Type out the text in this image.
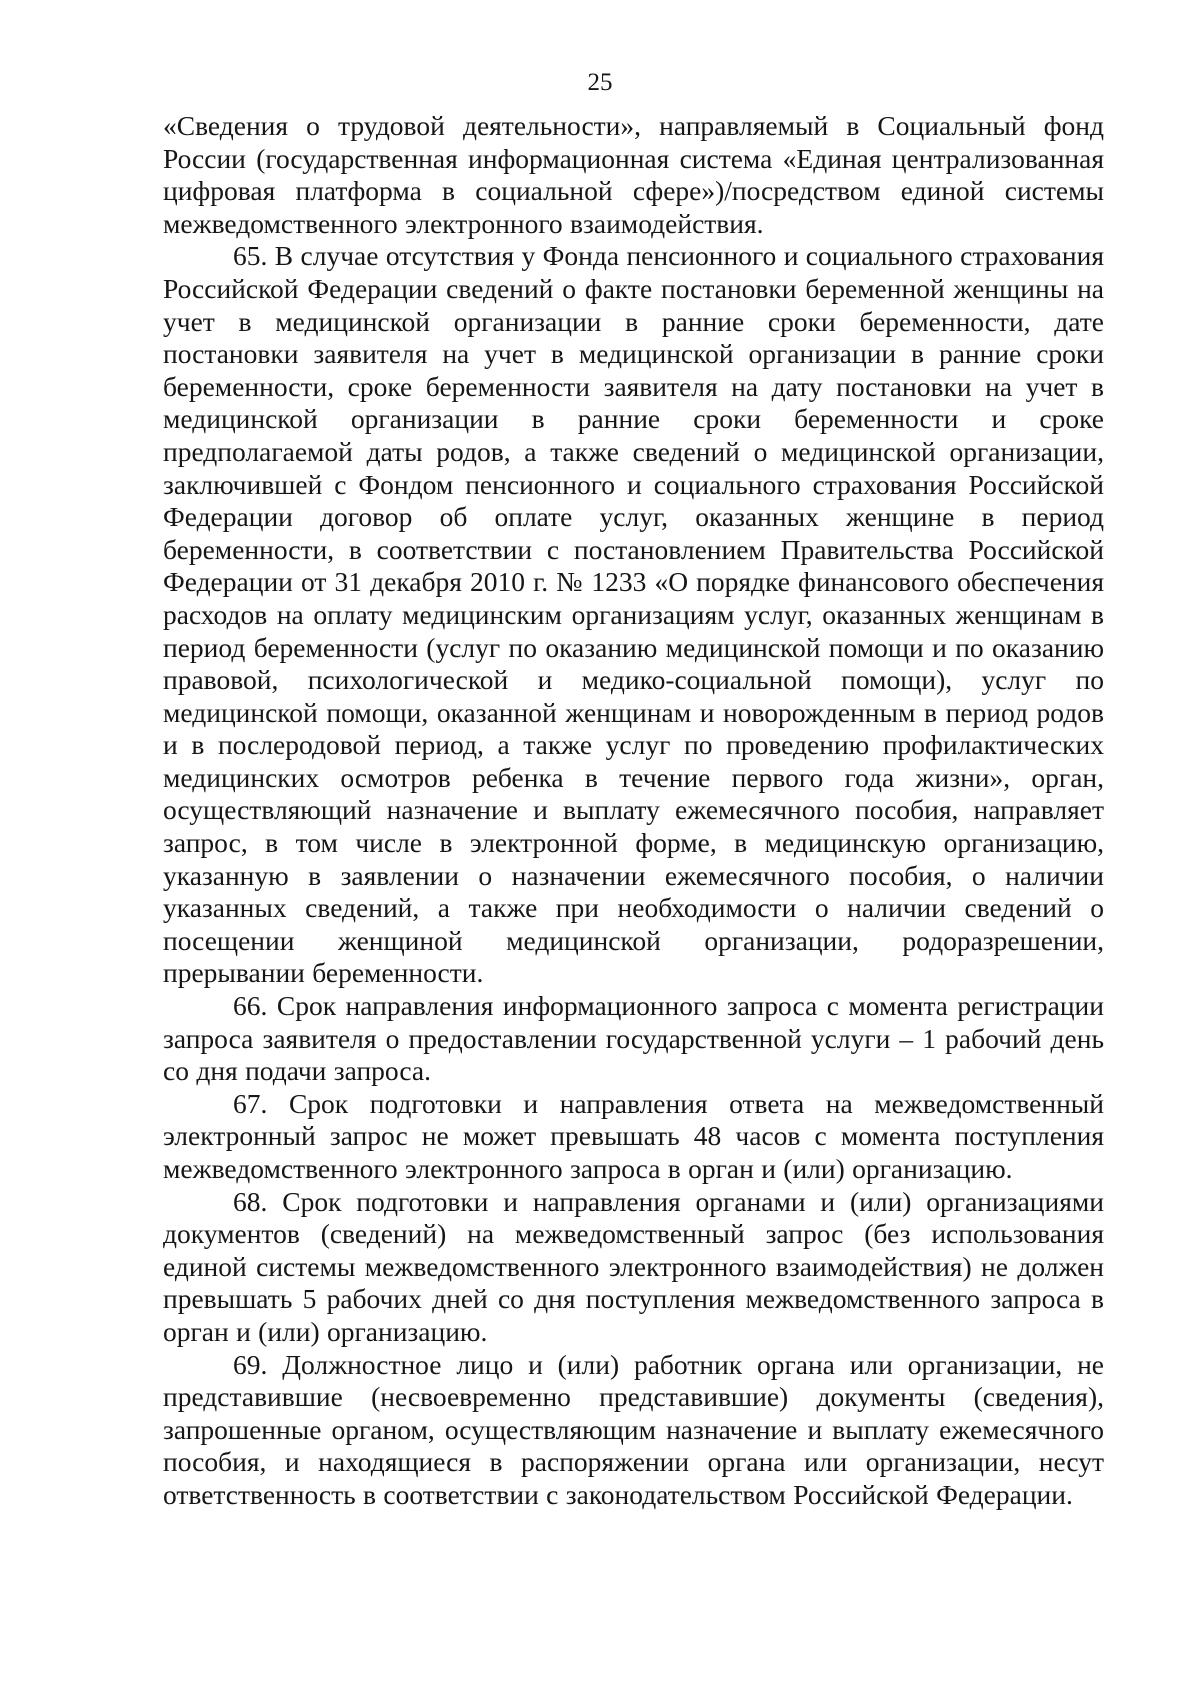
25

«Сведения о трудовой деятельности», направляемый в Социальный фонд России (государственная информационная система «Единая централизованная цифровая платформа в социальной сфере»)/посредством единой системы межведомственного электронного взаимодействия.

65. В случае отсутствия у Фонда пенсионного и социального страхования Российской Федерации сведений о факте постановки беременной женщины на учет в медицинской организации в ранние сроки беременности, дате постановки заявителя на учет в медицинской организации в ранние сроки беременности, сроке беременности заявителя на дату постановки на учет в медицинской организации в ранние сроки беременности и сроке предполагаемой даты родов, а также сведений о медицинской организации, заключившей с Фондом пенсионного и социального страхования Российской Федерации договор об оплате услуг, оказанных женщине в период беременности, в соответствии с постановлением Правительства Российской Федерации от 31 декабря 2010 г. № 1233 «О порядке финансового обеспечения расходов на оплату медицинским организациям услуг, оказанных женщинам в период беременности (услуг по оказанию медицинской помощи и по оказанию правовой, психологической и медико-социальной помощи), услуг по медицинской помощи, оказанной женщинам и новорожденным в период родов и в послеродовой период, а также услуг по проведению профилактических медицинских осмотров ребенка в течение первого года жизни», орган, осуществляющий назначение и выплату ежемесячного пособия, направляет запрос, в том числе в электронной форме, в медицинскую организацию, указанную в заявлении о назначении ежемесячного пособия, о наличии указанных сведений, а также при необходимости о наличии сведений о посещении женщиной медицинской организации, родоразрешении, прерывании беременности.

66. Срок направления информационного запроса с момента регистрации запроса заявителя о предоставлении государственной услуги – 1 рабочий день со дня подачи запроса.

67. Срок подготовки и направления ответа на межведомственный электронный запрос не может превышать 48 часов с момента поступления межведомственного электронного запроса в орган и (или) организацию.

68. Срок подготовки и направления органами и (или) организациями документов (сведений) на межведомственный запрос (без использования единой системы межведомственного электронного взаимодействия) не должен превышать 5 рабочих дней со дня поступления межведомственного запроса в орган и (или) организацию.

69. Должностное лицо и (или) работник органа или организации, не представившие (несвоевременно представившие) документы (сведения), запрошенные органом, осуществляющим назначение и выплату ежемесячного пособия, и находящиеся в распоряжении органа или организации, несут ответственность в соответствии с законодательством Российской Федерации.
